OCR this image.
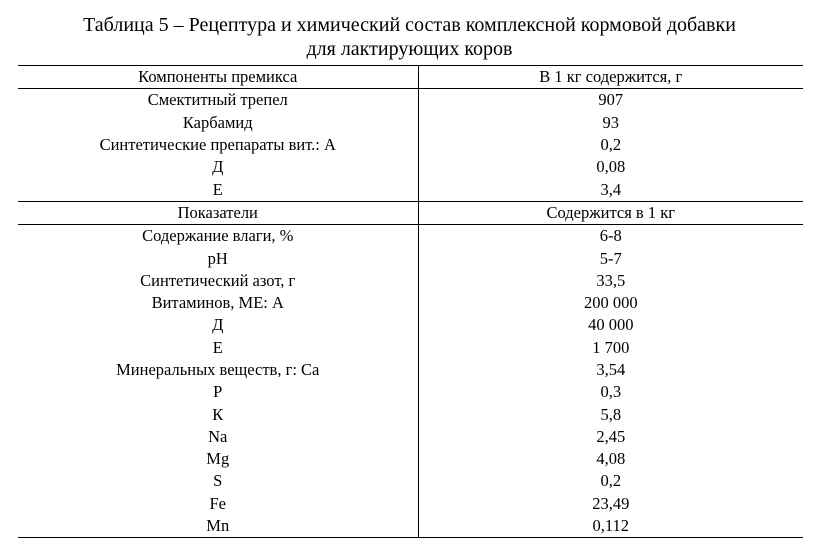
Таблица 5 – Рецептура и химический состав комплексной кормовой добавки
для лактирующих коров
Компоненты премикса	В 1 кг содержится, г
Смектитный трепел	907
Карбамид	93
Синтетические препараты вит.: А	0,2
Д	0,08
Е	3,4
Показатели	Содержится в 1 кг
Содержание влаги, %	6-8
pH	5-7
Синтетический азот, г	33,5
Витаминов, МЕ: А	200 000
Д	40 000
Е	1 700
Минеральных веществ, г: Са	3,54
Р	0,3
К	5,8
Na	2,45
Mg	4,08
S	0,2
Fe	23,49
Mn	0,112
